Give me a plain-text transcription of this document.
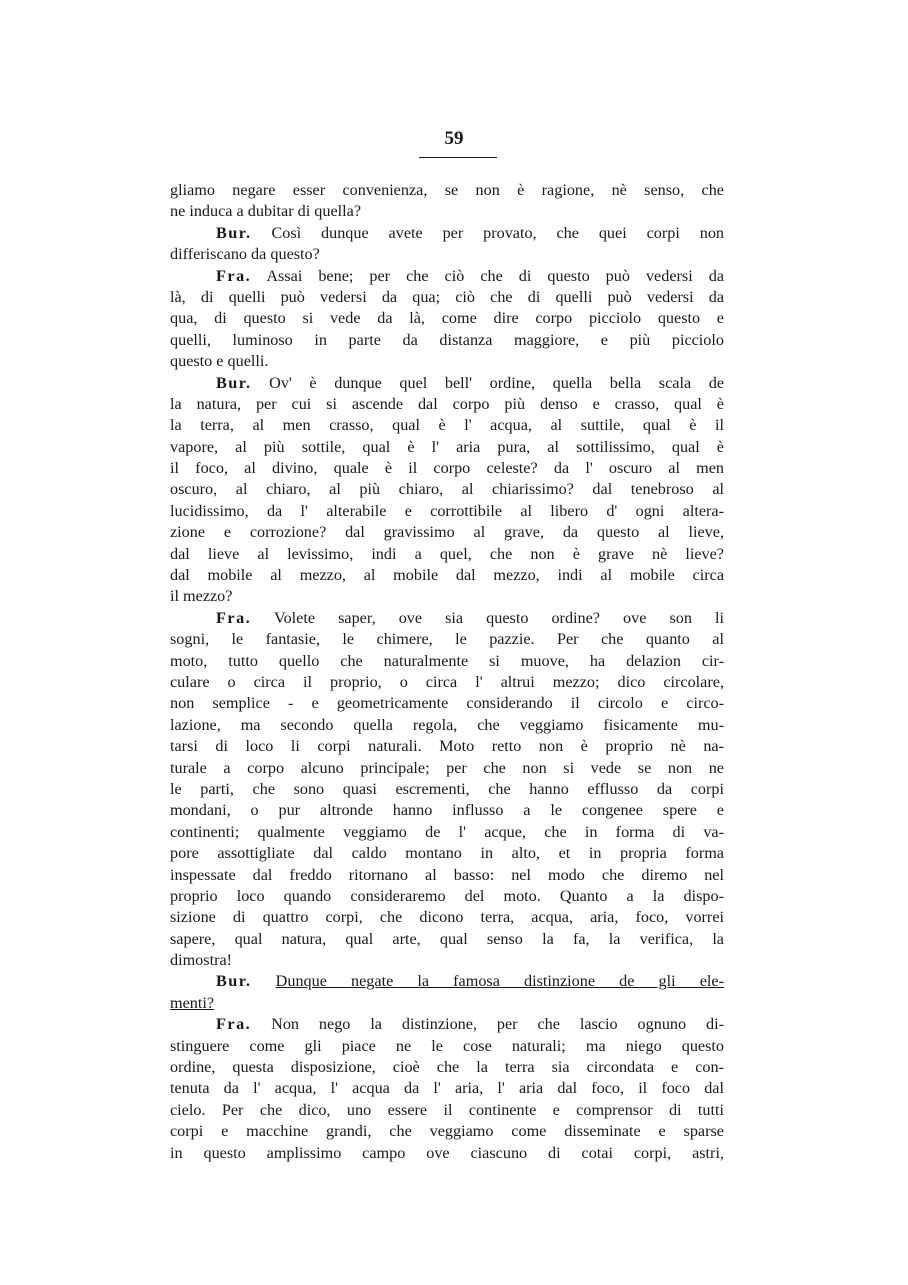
59
gliamo negare esser convenienza, se non è ragione, nè senso, che
ne induca a dubitar di quella?
Bur. Così dunque avete per provato, che quei corpi non
differiscano da questo?
Fra. Assai bene; per che ciò che di questo può vedersi da
là, di quelli può vedersi da qua; ciò che di quelli può vedersi da
qua, di questo si vede da là, come dire corpo picciolo questo e
quelli, luminoso in parte da distanza maggiore, e più picciolo
questo e quelli.
Bur. Ov' è dunque quel bell' ordine, quella bella scala de
la natura, per cui si ascende dal corpo più denso e crasso, qual è
la terra, al men crasso, qual è l' acqua, al suttile, qual è il
vapore, al più sottile, qual è l' aria pura, al sottilissimo, qual è
il foco, al divino, quale è il corpo celeste? da l' oscuro al men
oscuro, al chiaro, al più chiaro, al chiarissimo? dal tenebroso al
lucidissimo, da l' alterabile e corrottibile al libero d' ogni altera-
zione e corrozione? dal gravissimo al grave, da questo al lieve,
dal lieve al levissimo, indi a quel, che non è grave nè lieve?
dal mobile al mezzo, al mobile dal mezzo, indi al mobile circa
il mezzo?
Fra. Volete saper, ove sia questo ordine? ove son li
sogni, le fantasie, le chimere, le pazzie. Per che quanto al
moto, tutto quello che naturalmente si muove, ha delazion cir-
culare o circa il proprio, o circa l' altrui mezzo; dico circolare,
non semplice - e geometricamente considerando il circolo e circo-
lazione, ma secondo quella regola, che veggiamo fisicamente mu-
tarsi di loco li corpi naturali. Moto retto non è proprio nè na-
turale a corpo alcuno principale; per che non si vede se non ne
le parti, che sono quasi escrementi, che hanno efflusso da corpi
mondani, o pur altronde hanno influsso a le congenee spere e
continenti; qualmente veggiamo de l' acque, che in forma di va-
pore assottigliate dal caldo montano in alto, et in propria forma
inspessate dal freddo ritornano al basso: nel modo che diremo nel
proprio loco quando consideraremo del moto. Quanto a la dispo-
sizione di quattro corpi, che dicono terra, acqua, aria, foco, vorrei
sapere, qual natura, qual arte, qual senso la fa, la verifica, la
dimostra!
Bur. Dunque negate la famosa distinzione de gli ele-
menti?
Fra. Non nego la distinzione, per che lascio ognuno di-
stinguere come gli piace ne le cose naturali; ma niego questo
ordine, questa disposizione, cioè che la terra sia circondata e con-
tenuta da l' acqua, l' acqua da l' aria, l' aria dal foco, il foco dal
cielo. Per che dico, uno essere il continente e comprensor di tutti
corpi e macchine grandi, che veggiamo come disseminate e sparse
in questo amplissimo campo ove ciascuno di cotai corpi, astri,
